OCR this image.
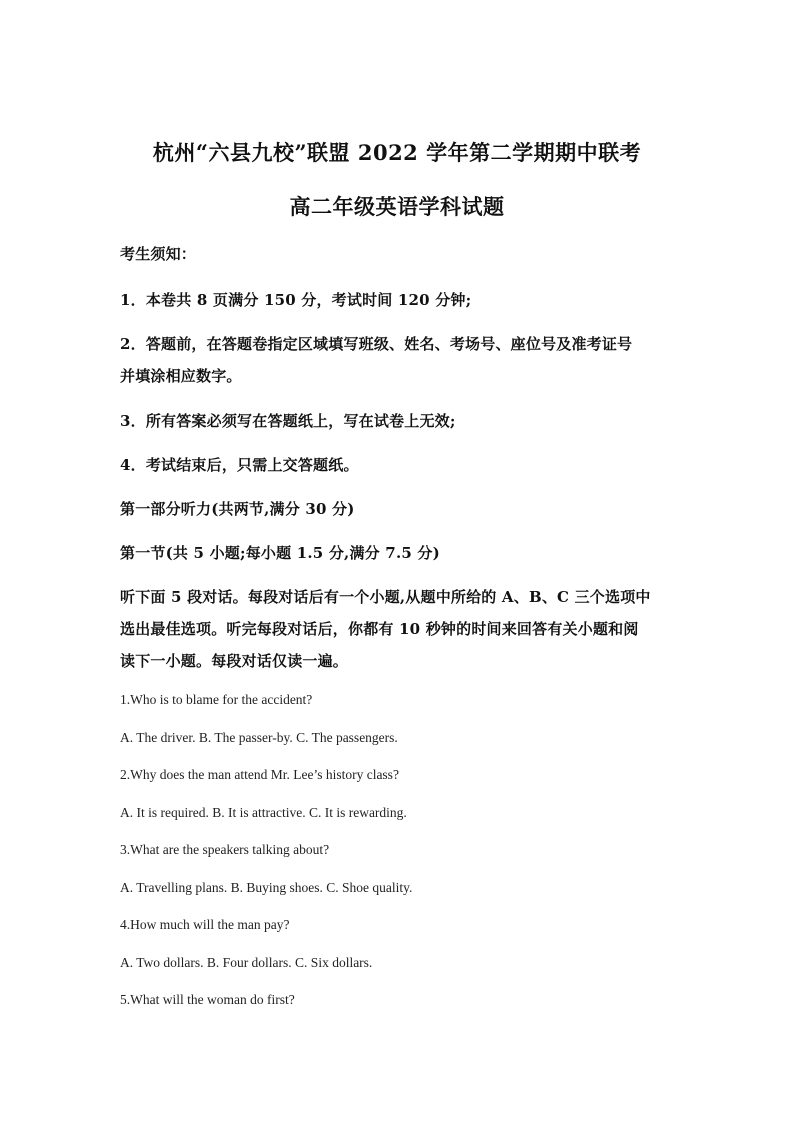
杭州“六县九校”联盟 2022 学年第二学期期中联考
高二年级英语学科试题
考生须知：
1．本卷共 8 页满分 150 分，考试时间 120 分钟;
2．答题前，在答题卷指定区域填写班级、姓名、考场号、座位号及准考证号
并填涂相应数字。
3．所有答案必须写在答题纸上，写在试卷上无效;
4．考试结束后，只需上交答题纸。
第一部分听力(共两节,满分 30 分)
第一节(共 5 小题;每小题 1.5 分,满分 7.5 分)
听下面 5 段对话。每段对话后有一个小题,从题中所给的 A、B、C 三个选项中
选出最佳选项。听完每段对话后，你都有 10 秒钟的时间来回答有关小题和阅
读下一小题。每段对话仅读一遍。
1.Who is to blame for the accident?
A. The driver. B. The passer-by. C. The passengers.
2.Why does the man attend Mr. Lee’s history class?
A. It is required. B. It is attractive. C. It is rewarding.
3.What are the speakers talking about?
A. Travelling plans. B. Buying shoes. C. Shoe quality.
4.How much will the man pay?
A. Two dollars. B. Four dollars. C. Six dollars.
5.What will the woman do first?
